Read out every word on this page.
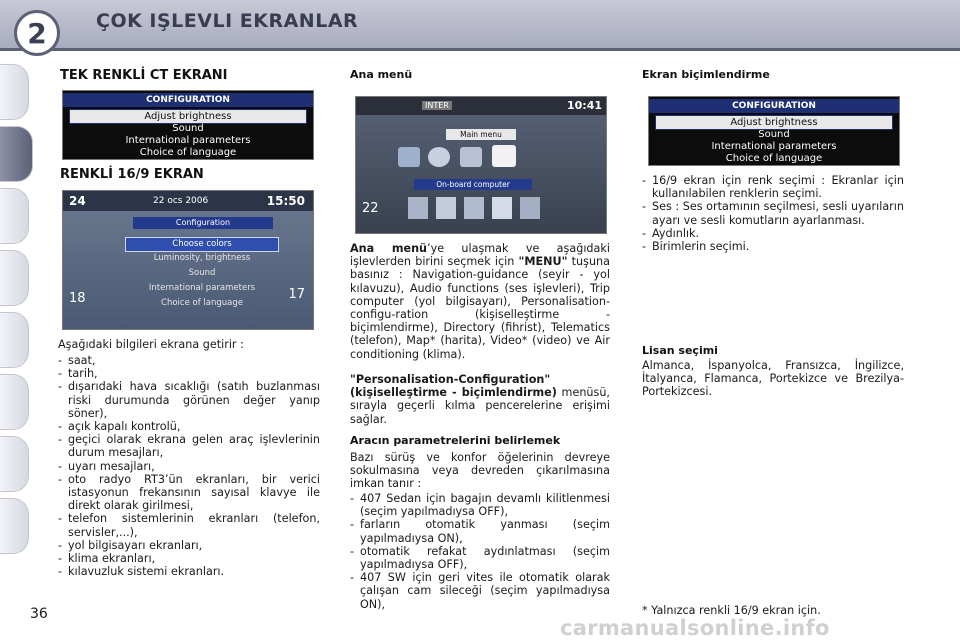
2	ÇOK IŞLEVLI EKRANLAR
TEK RENKLİ CT EKRANI
CONFIGURATION
Adjust brightness
Sound
International parameters
Choice of language
RENKLİ 16/9 EKRAN
24	22 ocs 2006	15:50
Configuration
Choose colors
Luminosity, brightness
Sound
International parameters
Choice of language
18	17
Aşağıdaki bilgileri ekrana getirir :
- saat,
- tarih,
- dışarıdaki hava sıcaklığı (satıh buzlanması riski durumunda görünen değer yanıp söner),
- açık kapalı kontrolü,
- geçici olarak ekrana gelen araç işlevlerinin durum mesajları,
- uyarı mesajları,
- oto radyo RT3’ün ekranları, bir verici istasyonun frekansının sayısal klavye ile direkt olarak girilmesi,
- telefon sistemlerinin ekranları (telefon, servisler,...),
- yol bilgisayarı ekranları,
- klima ekranları,
- kılavuzluk sistemi ekranları.
Ana menü
INTER	10:41
Main menu
On-board computer
22
Ana menü’ye ulaşmak ve aşağıdaki işlevlerden birini seçmek için "MENU" tuşuna basınız : Navigation-guidance (seyir - yol kılavuzu), Audio functions (ses işlevleri), Trip computer (yol bilgisayarı), Personalisation-configu-ration (kişiselleştirme - biçimlendirme), Directory (fihrist), Telematics (telefon), Map* (harita), Video* (video) ve Air conditioning (klima).
"Personalisation-Configuration" (kişiselleştirme - biçimlendirme) menüsü, sırayla geçerli kılma pencerelerine erişimi sağlar.
Aracın parametrelerini belirlemek
Bazı sürüş ve konfor öğelerinin devreye sokulmasına veya devreden çıkarılmasına imkan tanır :
- 407 Sedan için bagajın devamlı kilitlenmesi (seçim yapılmadıysa OFF),
- farların otomatik yanması (seçim yapılmadıysa ON),
- otomatik refakat aydınlatması (seçim yapılmadıysa OFF),
- 407 SW için geri vites ile otomatik olarak çalışan cam sileceği (seçim yapılmadıysa ON),
Ekran biçimlendirme
CONFIGURATION
Adjust brightness
Sound
International parameters
Choice of language
- 16/9 ekran için renk seçimi : Ekranlar için kullanılabilen renklerin seçimi.
- Ses : Ses ortamının seçilmesi, sesli uyarıların ayarı ve sesli komutların ayarlanması.
- Aydınlık.
- Birimlerin seçimi.
Lisan seçimi
Almanca, İspanyolca, Fransızca, İngilizce, İtalyanca, Flamanca, Portekizce ve Brezilya-Portekizcesi.
36	* Yalnızca renkli 16/9 ekran için.
carmanualsonline.info
